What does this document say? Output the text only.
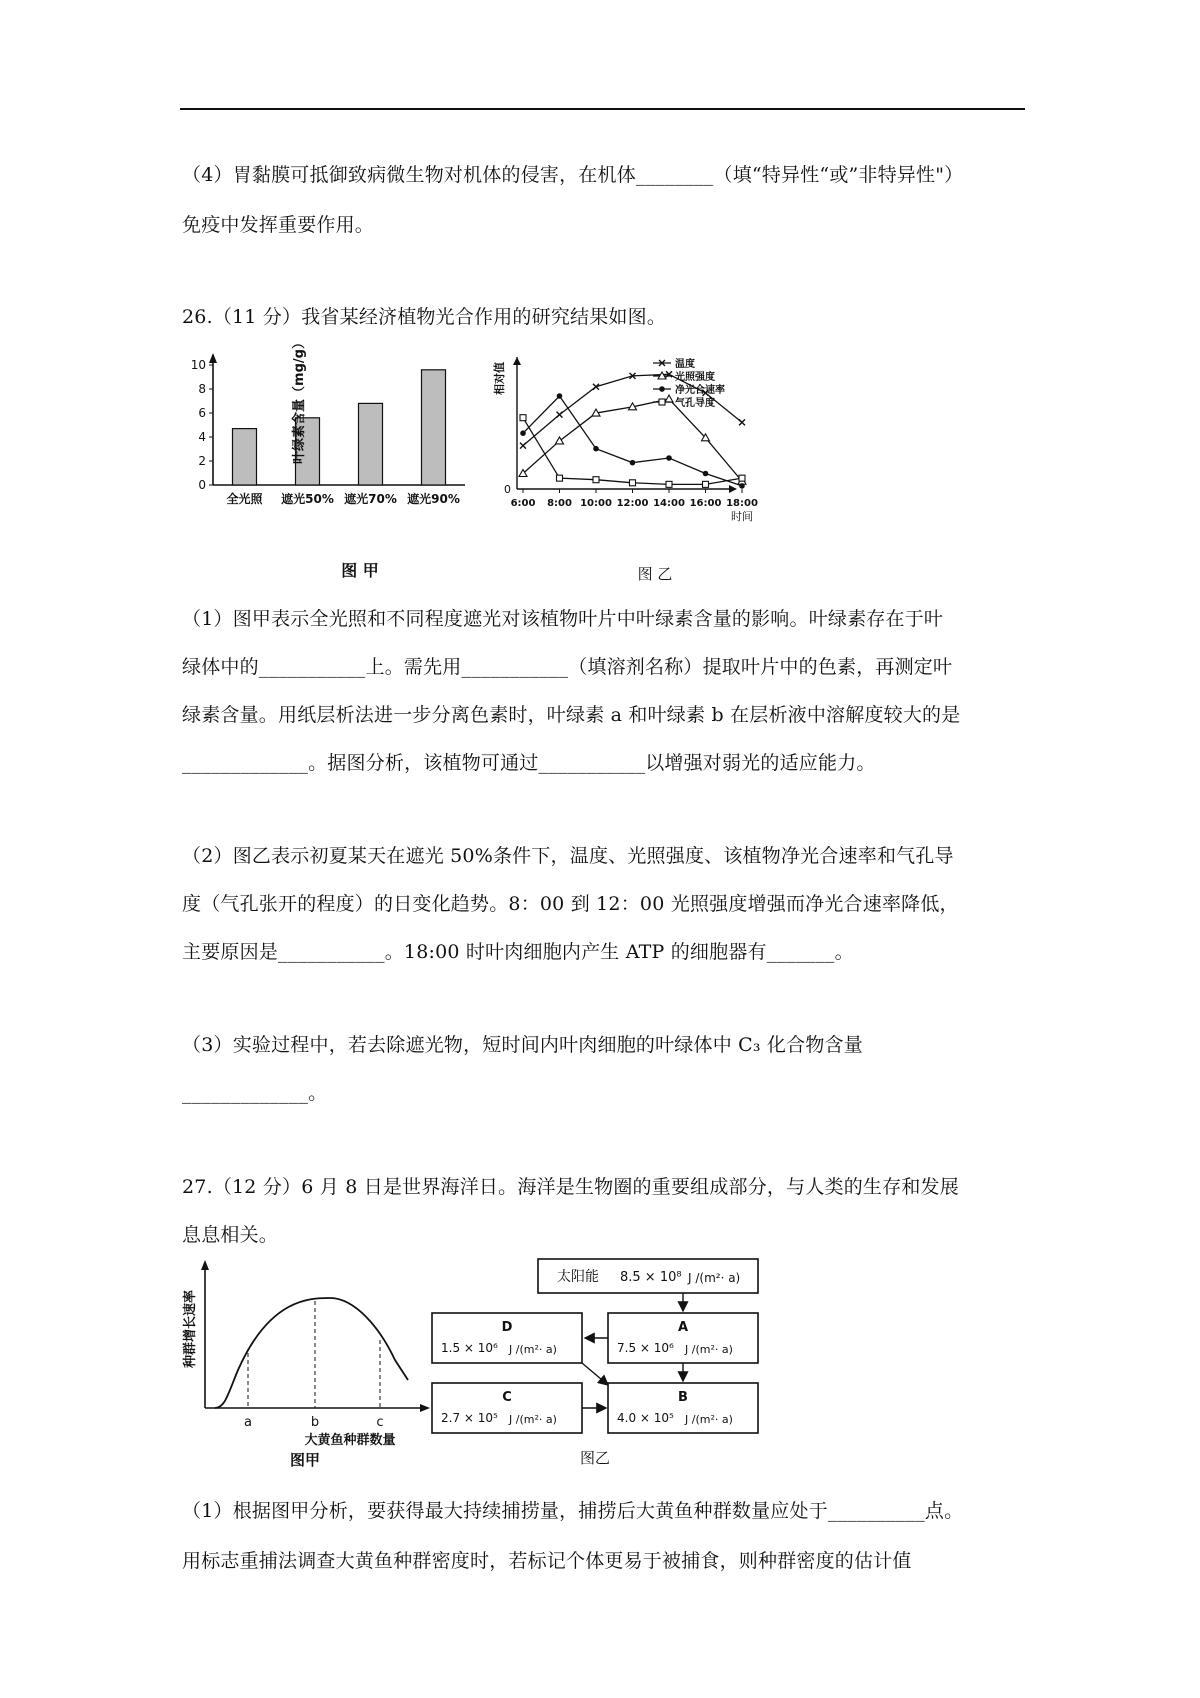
（4）胃黏膜可抵御致病微生物对机体的侵害，在机体________（填“特异性“或”非特异性"）
免疫中发挥重要作用。
26.（11 分）我省某经济植物光合作用的研究结果如图。
0
2
4
6
8
10
全光照 遮光50% 遮光70% 遮光90%
叶绿素含量（mg/g）
图 甲
相对值
0
6:00 8:00 10:00 12:00 14:00 16:00 18:00
时间
温度
光照强度
净光合速率
气孔导度
图 乙
（1）图甲表示全光照和不同程度遮光对该植物叶片中叶绿素含量的影响。叶绿素存在于叶
绿体中的___________上。需先用___________（填溶剂名称）提取叶片中的色素，再测定叶
绿素含量。用纸层析法进一步分离色素时，叶绿素 a 和叶绿素 b 在层析液中溶解度较大的是
_____________。据图分析，该植物可通过___________以增强对弱光的适应能力。
（2）图乙表示初夏某天在遮光 50%条件下，温度、光照强度、该植物净光合速率和气孔导
度（气孔张开的程度）的日变化趋势。8：00 到 12：00 光照强度增强而净光合速率降低，
主要原因是___________。18:00 时叶肉细胞内产生 ATP 的细胞器有_______。
（3）实验过程中，若去除遮光物，短时间内叶肉细胞的叶绿体中 C₃ 化合物含量
_____________。
27.（12 分）6 月 8 日是世界海洋日。海洋是生物圈的重要组成部分，与人类的生存和发展
息息相关。
a	b	c
大黄鱼种群数量
种群增长速率
图甲
太阳能 8.5 × 10⁸ J /(m²· a)
A
7.5 × 10⁶ J /(m²· a)
D
1.5 × 10⁶ J /(m²· a)
C
2.7 × 10⁵ J /(m²· a)
B
4.0 × 10⁵ J /(m²· a)
图乙
（1）根据图甲分析，要获得最大持续捕捞量，捕捞后大黄鱼种群数量应处于__________点。
用标志重捕法调查大黄鱼种群密度时，若标记个体更易于被捕食，则种群密度的估计值
